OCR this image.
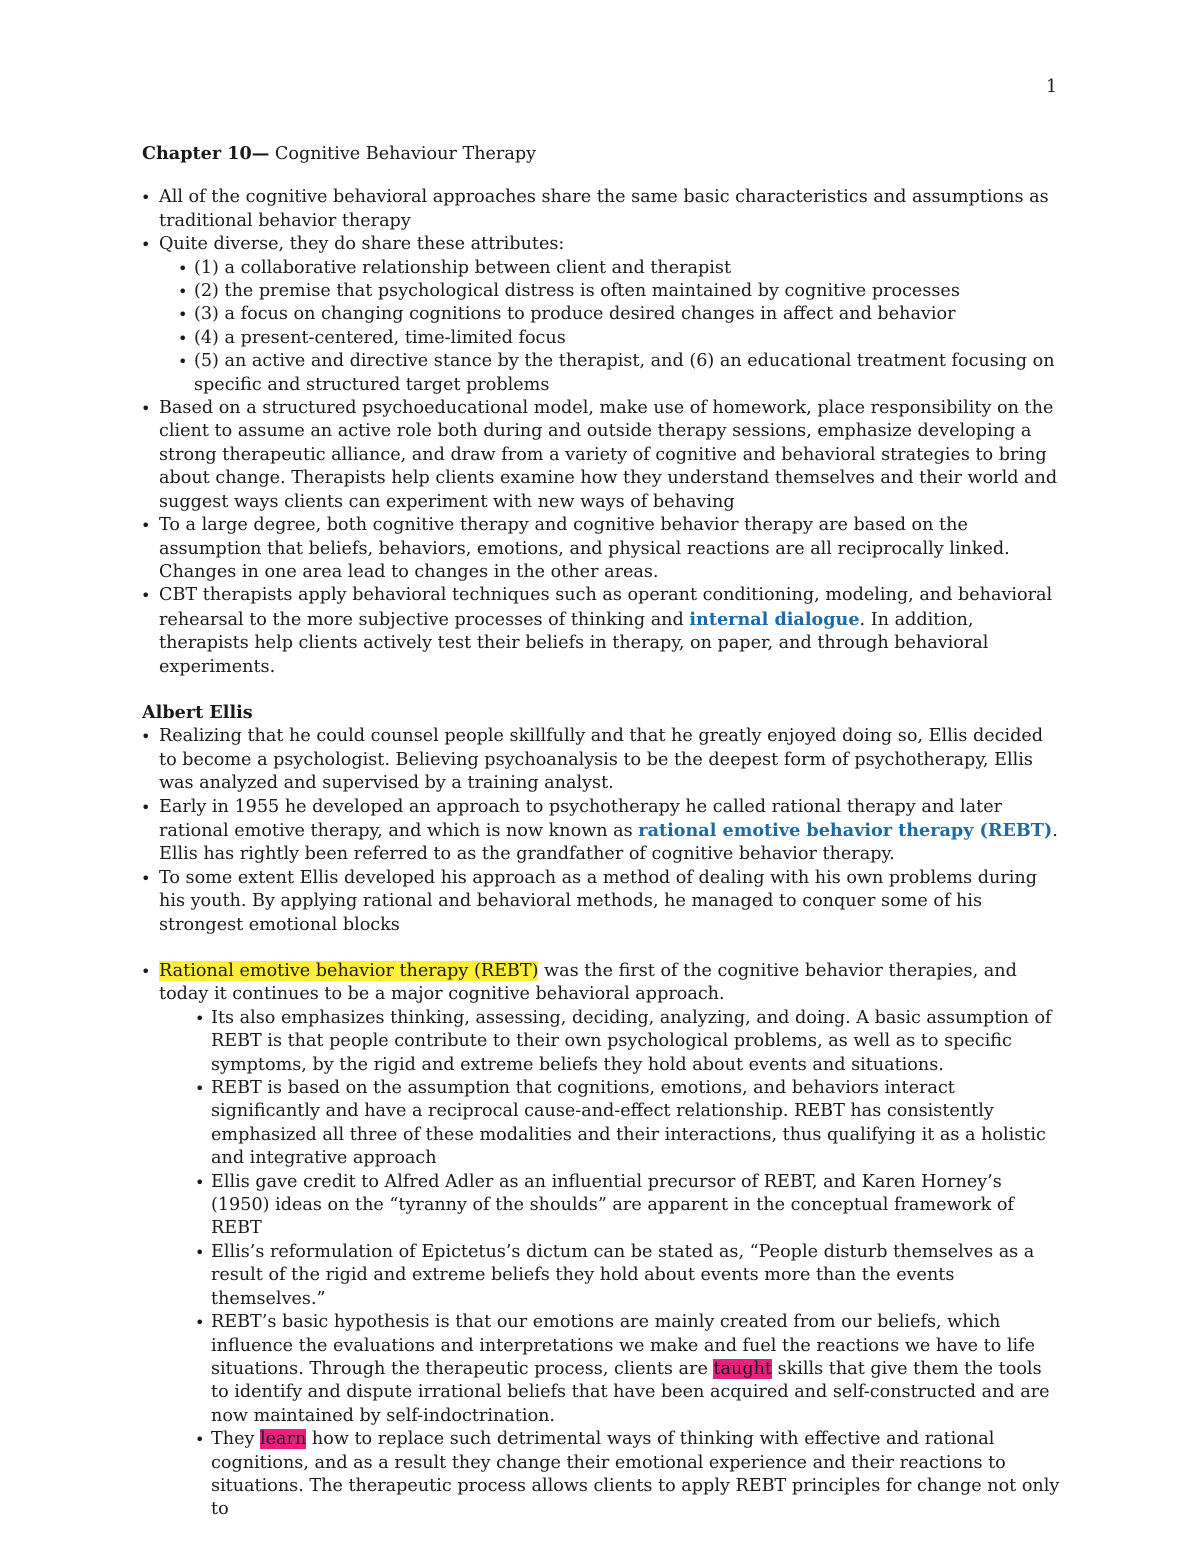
1

Chapter 10— Cognitive Behaviour Therapy

• All of the cognitive behavioral approaches share the same basic characteristics and assumptions as traditional behavior therapy
• Quite diverse, they do share these attributes:
• (1) a collaborative relationship between client and therapist
• (2) the premise that psychological distress is often maintained by cognitive processes
• (3) a focus on changing cognitions to produce desired changes in affect and behavior
• (4) a present-centered, time-limited focus
• (5) an active and directive stance by the therapist, and (6) an educational treatment focusing on specific and structured target problems
• Based on a structured psychoeducational model, make use of homework, place responsibility on the client to assume an active role both during and outside therapy sessions, emphasize developing a strong therapeutic alliance, and draw from a variety of cognitive and behavioral strategies to bring about change. Therapists help clients examine how they understand themselves and their world and suggest ways clients can experiment with new ways of behaving
• To a large degree, both cognitive therapy and cognitive behavior therapy are based on the assumption that beliefs, behaviors, emotions, and physical reactions are all reciprocally linked. Changes in one area lead to changes in the other areas.
• CBT therapists apply behavioral techniques such as operant conditioning, modeling, and behavioral rehearsal to the more subjective processes of thinking and internal dialogue. In addition, therapists help clients actively test their beliefs in therapy, on paper, and through behavioral experiments.

Albert Ellis

• Realizing that he could counsel people skillfully and that he greatly enjoyed doing so, Ellis decided to become a psychologist. Believing psychoanalysis to be the deepest form of psychotherapy, Ellis was analyzed and supervised by a training analyst.
• Early in 1955 he developed an approach to psychotherapy he called rational therapy and later rational emotive therapy, and which is now known as rational emotive behavior therapy (REBT). Ellis has rightly been referred to as the grandfather of cognitive behavior therapy.
• To some extent Ellis developed his approach as a method of dealing with his own problems during his youth. By applying rational and behavioral methods, he managed to conquer some of his strongest emotional blocks
• Rational emotive behavior therapy (REBT) was the first of the cognitive behavior therapies, and today it continues to be a major cognitive behavioral approach.
• Its also emphasizes thinking, assessing, deciding, analyzing, and doing. A basic assumption of REBT is that people contribute to their own psychological problems, as well as to specific symptoms, by the rigid and extreme beliefs they hold about events and situations.
• REBT is based on the assumption that cognitions, emotions, and behaviors interact significantly and have a reciprocal cause-and-effect relationship. REBT has consistently emphasized all three of these modalities and their interactions, thus qualifying it as a holistic and integrative approach
• Ellis gave credit to Alfred Adler as an influential precursor of REBT, and Karen Horney’s (1950) ideas on the “tyranny of the shoulds” are apparent in the conceptual framework of REBT
• Ellis’s reformulation of Epictetus’s dictum can be stated as, “People disturb themselves as a result of the rigid and extreme beliefs they hold about events more than the events themselves.”
• REBT’s basic hypothesis is that our emotions are mainly created from our beliefs, which influence the evaluations and interpretations we make and fuel the reactions we have to life situations. Through the therapeutic process, clients are taught skills that give them the tools to identify and dispute irrational beliefs that have been acquired and self-constructed and are now maintained by self-indoctrination.
• They learn how to replace such detrimental ways of thinking with effective and rational cognitions, and as a result they change their emotional experience and their reactions to situations. The therapeutic process allows clients to apply REBT principles for change not only to
